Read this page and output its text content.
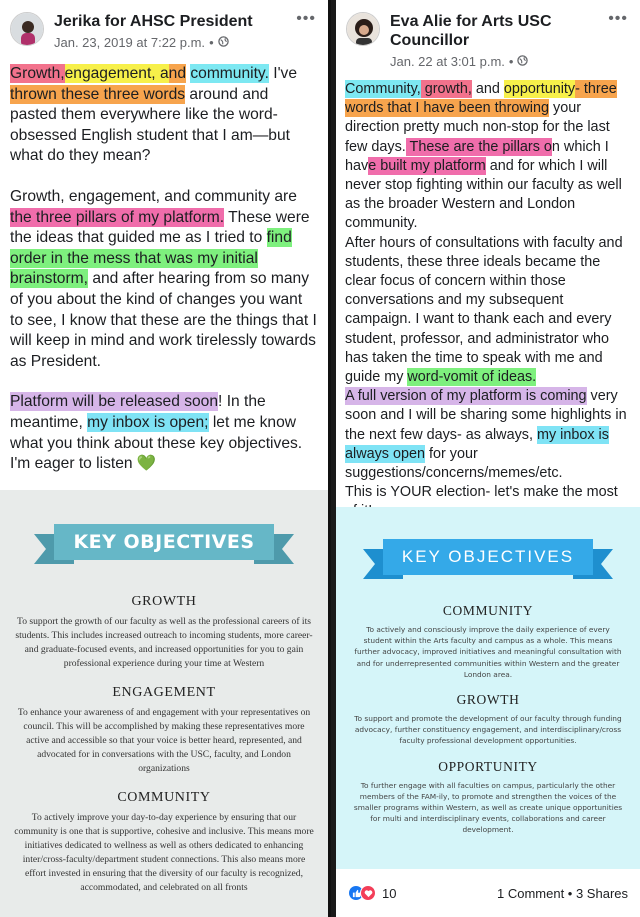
Jerika for AHSC President
Jan. 23, 2019 at 7:22 p.m. •
•••

Growth,engagement, and community. I've thrown these three words around and pasted them everywhere like the word-obsessed English student that I am—but what do they mean?

Growth, engagement, and community are the three pillars of my platform. These were the ideas that guided me as I tried to find order in the mess that was my initial brainstorm, and after hearing from so many of you about the kind of changes you want to see, I know that these are the things that I will keep in mind and work tirelessly towards as President.

Platform will be released soon! In the meantime, my inbox is open; let me know what you think about these key objectives. I'm eager to listen 💚

KEY OBJECTIVES
GROWTH
To support the growth of our faculty as well as the professional careers of its students. This includes increased outreach to incoming students, more career- and graduate-focused events, and increased opportunities for you to gain professional experience during your time at Western
ENGAGEMENT
To enhance your awareness of and engagement with your representatives on council. This will be accomplished by making these representatives more active and accessible so that your voice is better heard, represented, and advocated for in conversations with the USC, faculty, and London organizations
COMMUNITY
To actively improve your day-to-day experience by ensuring that our community is one that is supportive, cohesive and inclusive. This means more initiatives dedicated to wellness as well as others dedicated to enhancing inter/cross-faculty/department student connections. This also means more effort invested in ensuring that the diversity of our faculty is recognized, accommodated, and celebrated on all fronts
Eva Alie for Arts USC
Councillor
Jan. 22 at 3:01 p.m. •
•••

Community, growth, and opportunity- three words that I have been throwing your direction pretty much non-stop for the last few days. These are the pillars on which I have built my platform and for which I will never stop fighting within our faculty as well as the broader Western and London community.

After hours of consultations with faculty and students, these three ideals became the clear focus of concern within those conversations and my subsequent campaign. I want to thank each and every student, professor, and administrator who has taken the time to speak with me and guide my word-vomit of ideas.

A full version of my platform is coming very soon and I will be sharing some highlights in the next few days- as always, my inbox is always open for your suggestions/concerns/memes/etc.

This is YOUR election- let's make the most

KEY OBJECTIVES
COMMUNITY
To actively and consciously improve the daily experience of every student within the Arts faculty and campus as a whole. This means further advocacy, improved initiatives and meaningful consultation with and for underrepresented communities within Western and the greater London area.
GROWTH
To support and promote the development of our faculty through funding advocacy, further constituency engagement, and interdisciplinary/cross faculty professional development opportunities.
OPPORTUNITY
To further engage with all faculties on campus, particularly the other members of the FAM-ily, to promote and strengthen the voices of the smaller programs within Western, as well as create unique opportunities for multi and interdisciplinary events, collaborations and career development.
10	1 Comment • 3 Shares
